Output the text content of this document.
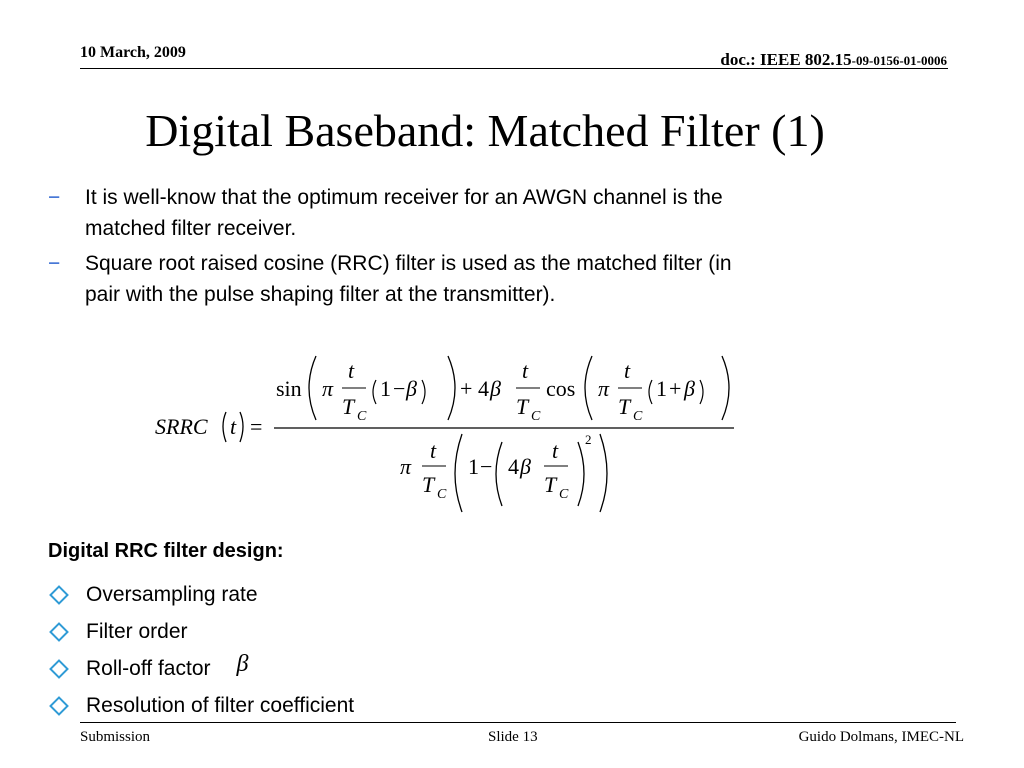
10 March, 2009	doc.: IEEE 802.15-09-0156-01-0006
Digital Baseband: Matched Filter (1)
−	It is well-know that the optimum receiver for an AWGN channel is the
matched filter receiver.
−	Square root raised cosine (RRC) filter is used as the matched filter (in
pair with the pulse shaping filter at the transmitter).
SRRC t =
sin π
t
T C
1 − β + 4 β
t
T C
cos π
t
T C
1 + β
π
t
T C
1 − 4 β
t
T C
2
Digital RRC filter design:
Oversampling rate
Filter order
Roll-off factor β
Resolution of filter coefficient
Submission	Slide 13	Guido Dolmans, IMEC-NL
